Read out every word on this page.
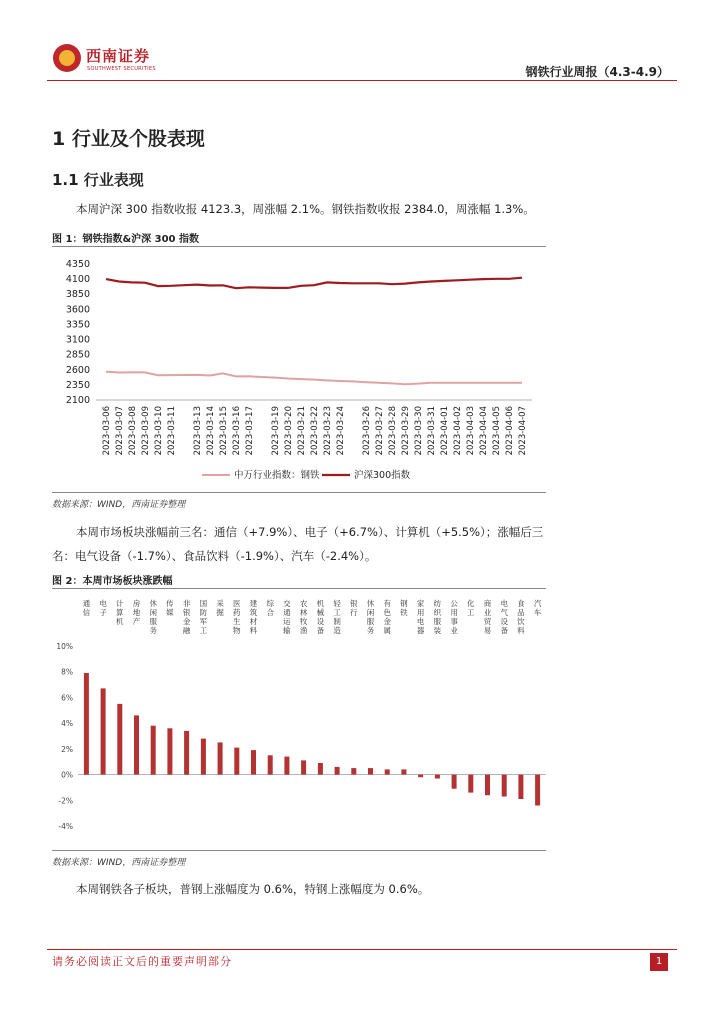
西南证券
SOUTHWEST SECURITIES	钢铁行业周报（4.3-4.9）
1 行业及个股表现
1.1 行业表现
本周沪深 300 指数收报 4123.3，周涨幅 2.1%。钢铁指数收报 2384.0，周涨幅 1.3%。
图 1：钢铁指数&沪深 300 指数
2100
2350
2600
2850
3100
3350
3600
3850
4100
4350
2023-03-06 2023-03-07 2023-03-08 2023-03-09 2023-03-10 2023-03-11 2023-03-13 2023-03-14 2023-03-15 2023-03-16 2023-03-17 2023-03-19 2023-03-20 2023-03-21 2023-03-22 2023-03-23 2023-03-24 2023-03-26 2023-03-27 2023-03-28 2023-03-29 2023-03-30 2023-03-31 2023-04-01 2023-04-02 2023-04-03 2023-04-04 2023-04-05 2023-04-06 2023-04-07
中万行业指数：钢铁	沪深300指数
数据来源：WIND，西南证券整理
本周市场板块涨幅前三名：通信（+7.9%）、电子（+6.7%）、计算机（+5.5%）；涨幅后三名：电气设备（-1.7%）、食品饮料（-1.9%）、汽车（-2.4%）。
图 2：本周市场板块涨跌幅
10%
8%
6%
4%
2%
0%
-2%
-4%
通信
电子
计算机
房地产
休闲服务
传媒
非银金融
国防军工
采掘
医药生物
建筑材料
综合
交通运输
农林牧渔
机械设备
轻工制造
银行
休闲服务
有色金属
钢铁
家用电器
纺织服装
公用事业
化工
商业贸易
电气设备
食品饮料
汽车
数据来源：WIND，西南证券整理
本周钢铁各子板块，普钢上涨幅度为 0.6%，特钢上涨幅度为 0.6%。
请务必阅读正文后的重要声明部分	1
